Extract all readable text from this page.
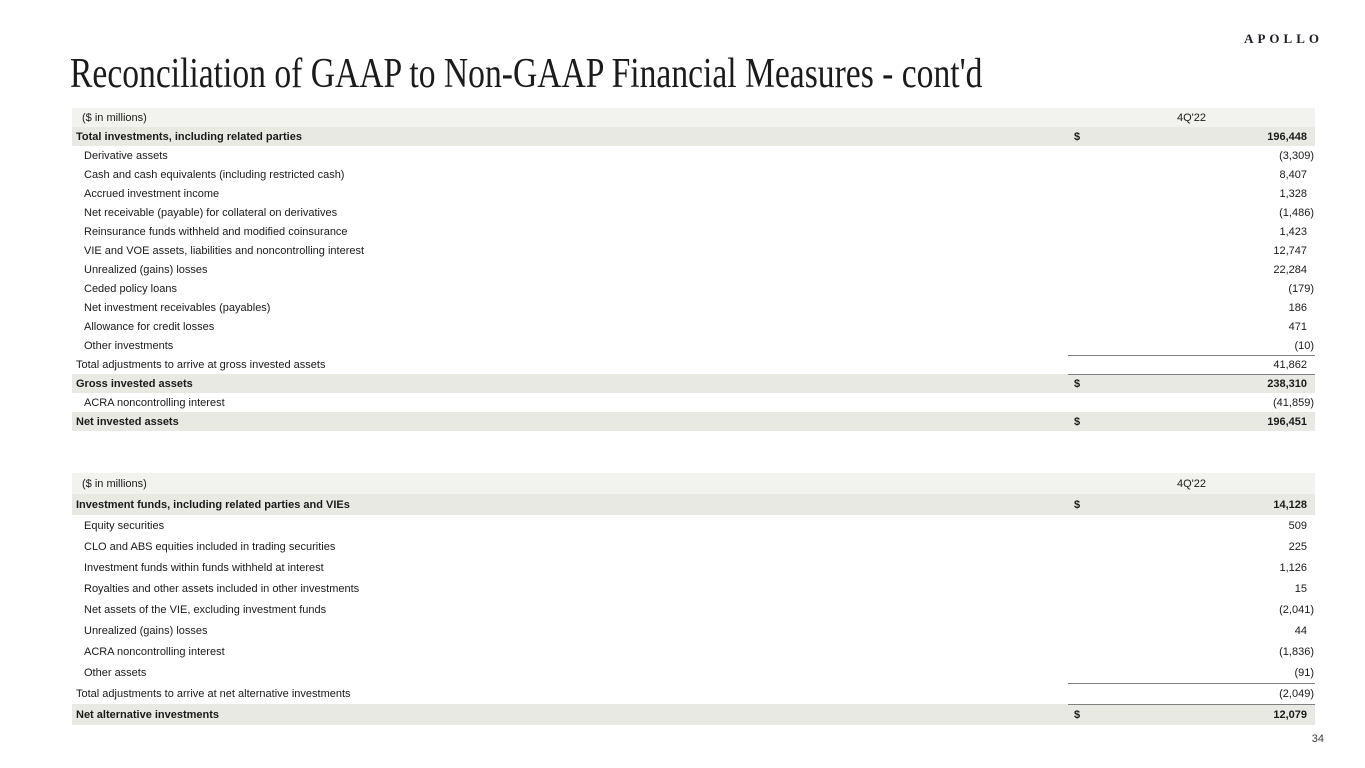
APOLLO
Reconciliation of GAAP to Non-GAAP Financial Measures - cont'd
($ in millions)	4Q'22
Total investments, including related parties	$	196,448
Derivative assets	(3,309)
Cash and cash equivalents (including restricted cash)	8,407
Accrued investment income	1,328
Net receivable (payable) for collateral on derivatives	(1,486)
Reinsurance funds withheld and modified coinsurance	1,423
VIE and VOE assets, liabilities and noncontrolling interest	12,747
Unrealized (gains) losses	22,284
Ceded policy loans	(179)
Net investment receivables (payables)	186
Allowance for credit losses	471
Other investments	(10)
Total adjustments to arrive at gross invested assets	41,862
Gross invested assets	$	238,310
ACRA noncontrolling interest	(41,859)
Net invested assets	$	196,451
($ in millions)	4Q'22
Investment funds, including related parties and VIEs	$	14,128
Equity securities	509
CLO and ABS equities included in trading securities	225
Investment funds within funds withheld at interest	1,126
Royalties and other assets included in other investments	15
Net assets of the VIE, excluding investment funds	(2,041)
Unrealized (gains) losses	44
ACRA noncontrolling interest	(1,836)
Other assets	(91)
Total adjustments to arrive at net alternative investments	(2,049)
Net alternative investments	$	12,079
34
